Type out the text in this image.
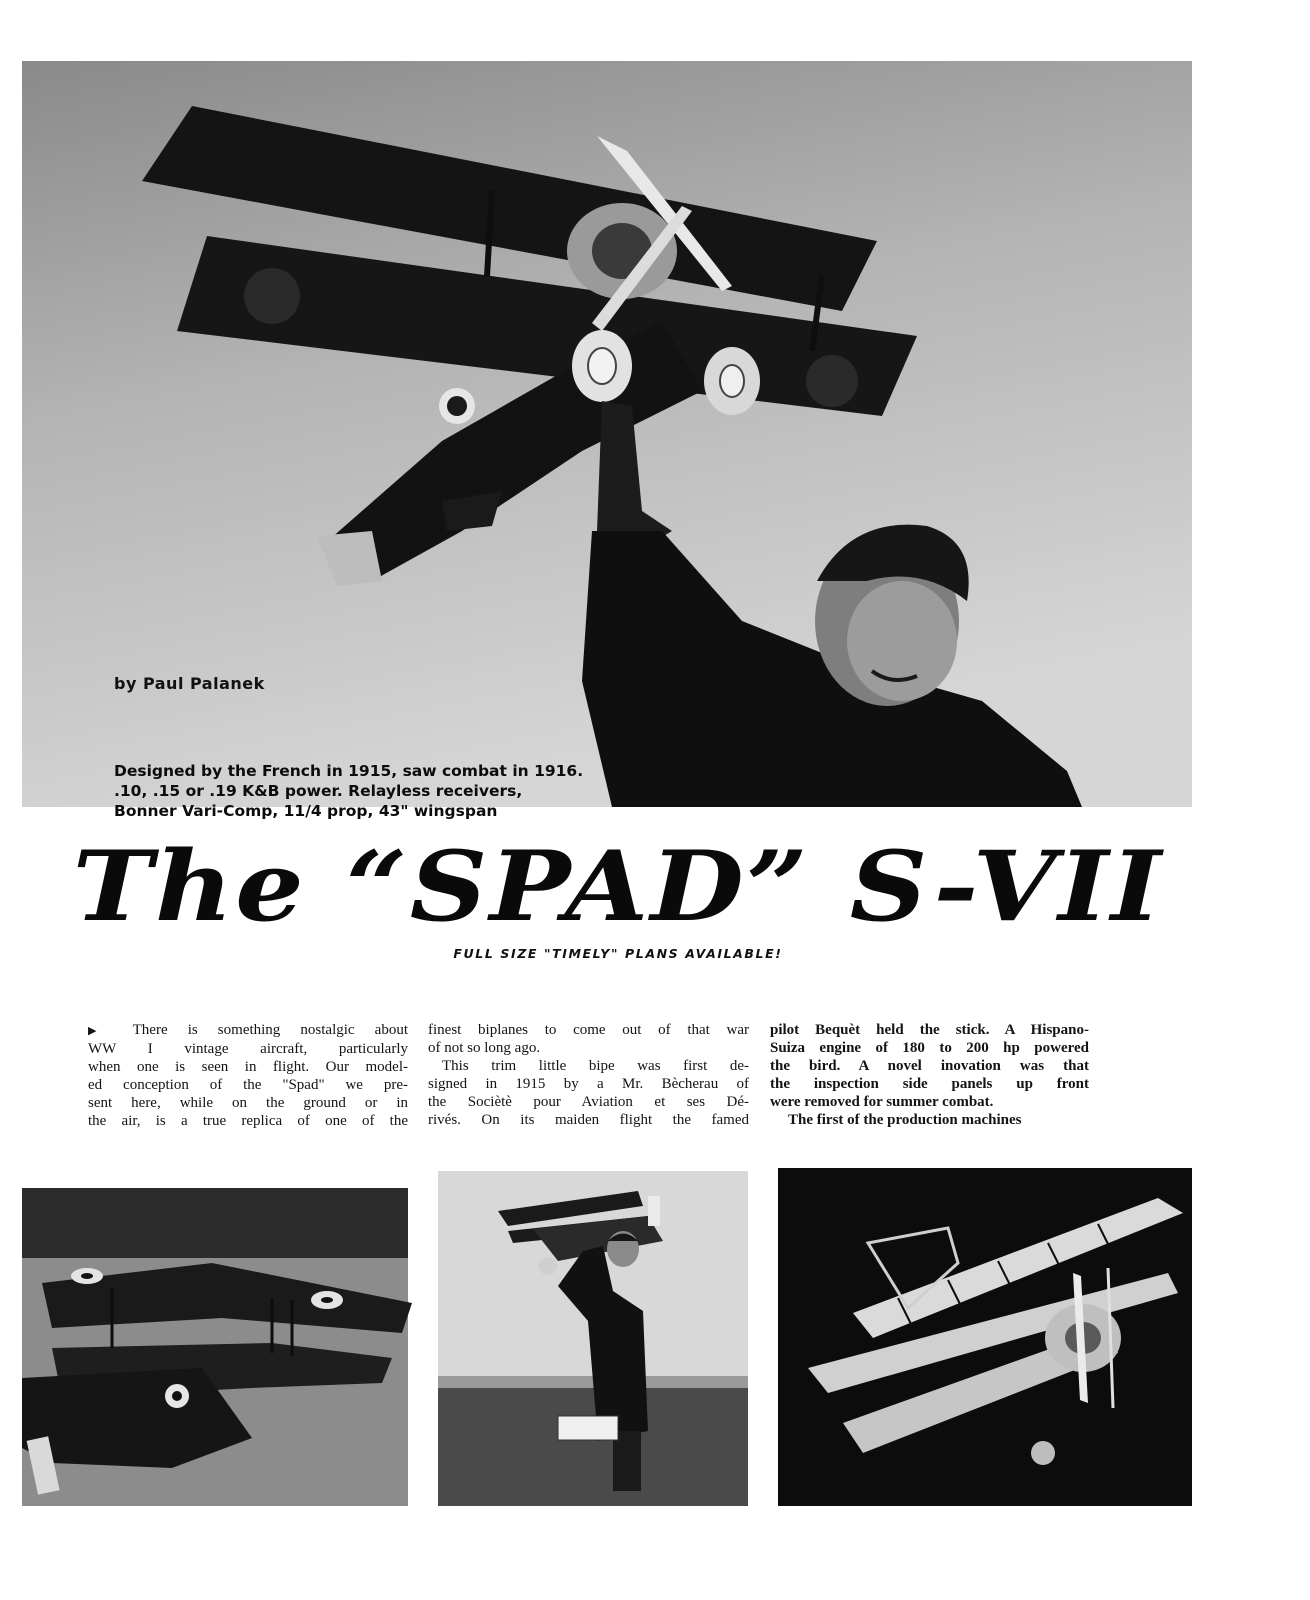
by Paul Palanek
Designed by the French in 1915, saw combat in 1916.
.10, .15 or .19 K&B power. Relayless receivers,
Bonner Vari-Comp, 11/4 prop, 43" wingspan
The “SPAD” S-VII
FULL SIZE "TIMELY" PLANS AVAILABLE!
▶ There is something nostalgic about
WW I vintage aircraft, particularly
when one is seen in flight. Our model-
ed conception of the "Spad" we pre-
sent here, while on the ground or in
the air, is a true replica of one of the
finest biplanes to come out of that war
of not so long ago.
This trim little bipe was first de-
signed in 1915 by a Mr. Bècherau of
the Sociètè pour Aviation et ses Dé-
rivés. On its maiden flight the famed
pilot Bequèt held the stick. A Hispano-
Suiza engine of 180 to 200 hp powered
the bird. A novel inovation was that
the inspection side panels up front
were removed for summer combat.
The first of the production machines
